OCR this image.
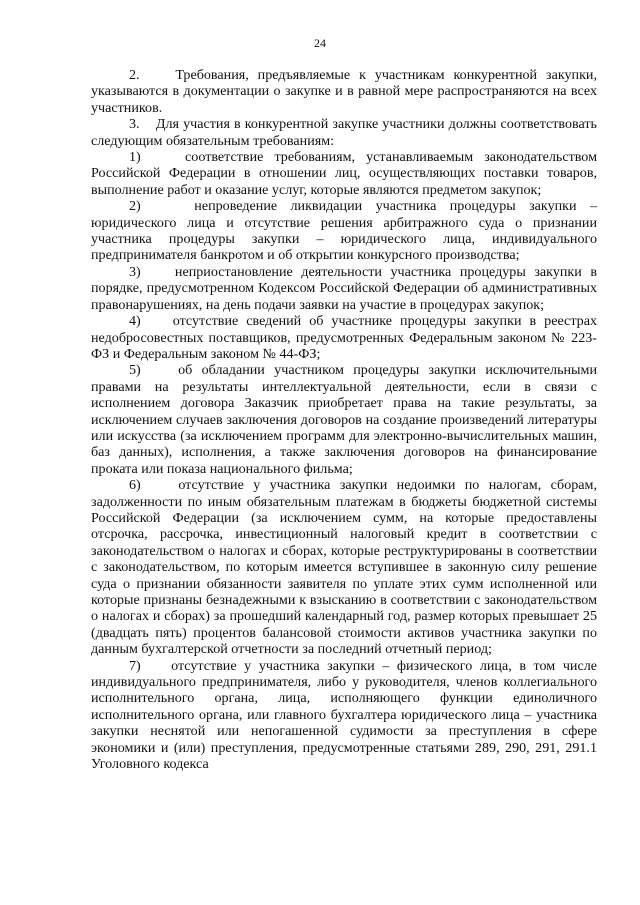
24

2.    Требования, предъявляемые к участникам конкурентной закупки, указываются в документации о закупке и в равной мере распространяются на всех участников.

3.    Для участия в конкурентной закупке участники должны соответствовать следующим обязательным требованиям:

1)    соответствие требованиям, устанавливаемым законодательством Российской Федерации в отношении лиц, осуществляющих поставки товаров, выполнение работ и оказание услуг, которые являются предметом закупок;

2)    непроведение ликвидации участника процедуры закупки – юридического лица и отсутствие решения арбитражного суда о признании участника процедуры закупки – юридического лица, индивидуального предпринимателя банкротом и об открытии конкурсного производства;

3)    неприостановление деятельности участника процедуры закупки в порядке, предусмотренном Кодексом Российской Федерации об административных правонарушениях, на день подачи заявки на участие в процедурах закупок;

4)    отсутствие сведений об участнике процедуры закупки в реестрах недобросовестных поставщиков, предусмотренных Федеральным законом № 223-ФЗ и Федеральным законом № 44-ФЗ;

5)    об обладании участником процедуры закупки исключительными правами на результаты интеллектуальной деятельности, если в связи с исполнением договора Заказчик приобретает права на такие результаты, за исключением случаев заключения договоров на создание произведений литературы или искусства (за исключением программ для электронно-вычислительных машин, баз данных), исполнения, а также заключения договоров на финансирование проката или показа национального фильма;

6)    отсутствие у участника закупки недоимки по налогам, сборам, задолженности по иным обязательным платежам в бюджеты бюджетной системы Российской Федерации (за исключением сумм, на которые предоставлены отсрочка, рассрочка, инвестиционный налоговый кредит в соответствии с законодательством о налогах и сборах, которые реструктурированы в соответствии с законодательством, по которым имеется вступившее в законную силу решение суда о признании обязанности заявителя по уплате этих сумм исполненной или которые признаны безнадежными к взысканию в соответствии с законодательством о налогах и сборах) за прошедший календарный год, размер которых превышает 25 (двадцать пять) процентов балансовой стоимости активов участника закупки по данным бухгалтерской отчетности за последний отчетный период;

7)    отсутствие у участника закупки – физического лица, в том числе индивидуального предпринимателя, либо у руководителя, членов коллегиального исполнительного органа, лица, исполняющего функции единоличного исполнительного органа, или главного бухгалтера юридического лица – участника закупки неснятой или непогашенной судимости за преступления в сфере экономики и (или) преступления, предусмотренные статьями 289, 290, 291, 291.1 Уголовного кодекса
